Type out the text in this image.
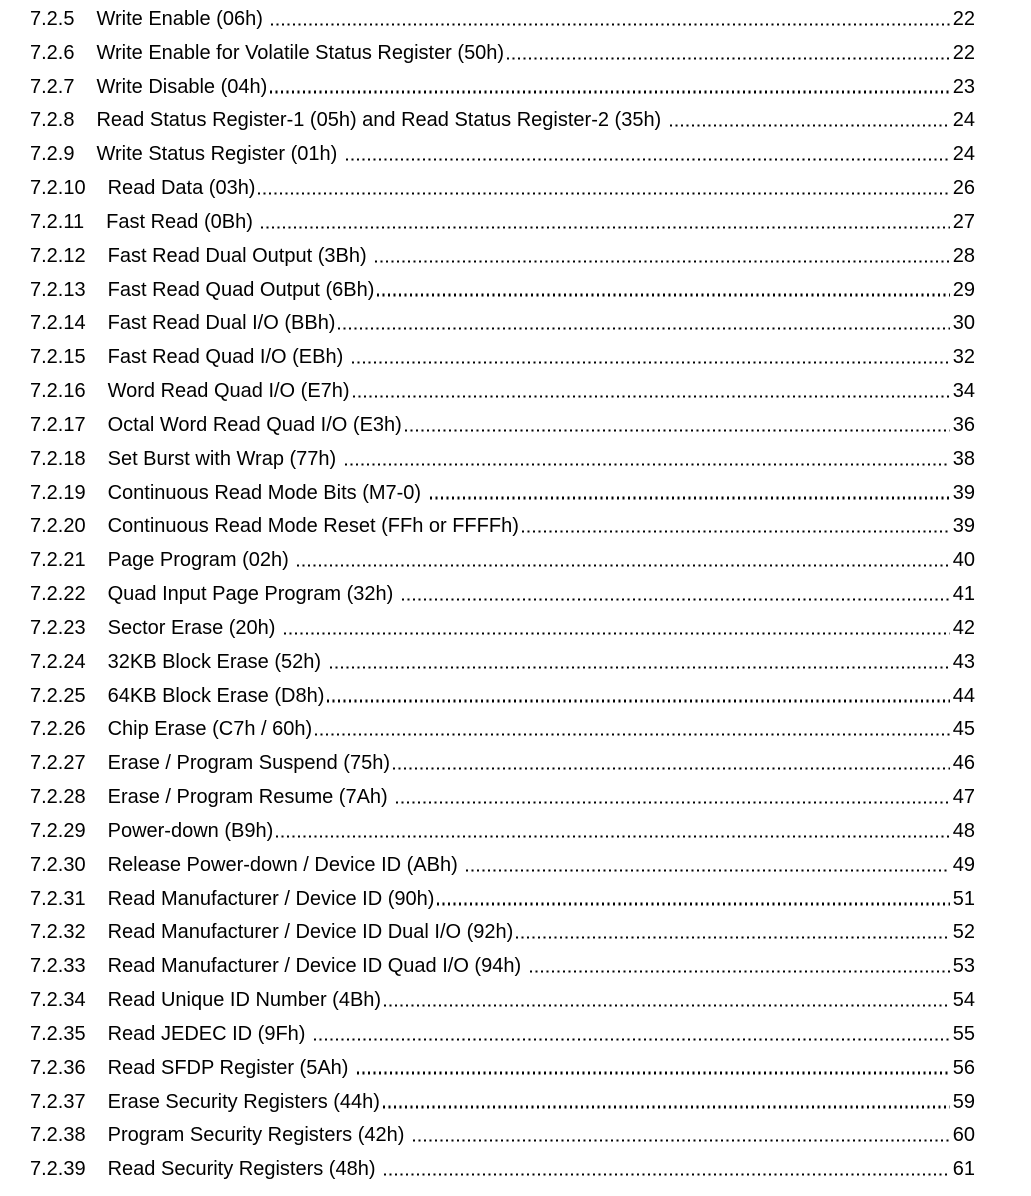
7.2.5 Write Enable (06h)	22
7.2.6 Write Enable for Volatile Status Register (50h)	22
7.2.7 Write Disable (04h)	23
7.2.8 Read Status Register-1 (05h) and Read Status Register-2 (35h)	24
7.2.9 Write Status Register (01h)	24
7.2.10 Read Data (03h)	26
7.2.11 Fast Read (0Bh)	27
7.2.12 Fast Read Dual Output (3Bh)	28
7.2.13 Fast Read Quad Output (6Bh)	29
7.2.14 Fast Read Dual I/O (BBh)	30
7.2.15 Fast Read Quad I/O (EBh)	32
7.2.16 Word Read Quad I/O (E7h)	34
7.2.17 Octal Word Read Quad I/O (E3h)	36
7.2.18 Set Burst with Wrap (77h)	38
7.2.19 Continuous Read Mode Bits (M7-0)	39
7.2.20 Continuous Read Mode Reset (FFh or FFFFh)	39
7.2.21 Page Program (02h)	40
7.2.22 Quad Input Page Program (32h)	41
7.2.23 Sector Erase (20h)	42
7.2.24 32KB Block Erase (52h)	43
7.2.25 64KB Block Erase (D8h)	44
7.2.26 Chip Erase (C7h / 60h)	45
7.2.27 Erase / Program Suspend (75h)	46
7.2.28 Erase / Program Resume (7Ah)	47
7.2.29 Power-down (B9h)	48
7.2.30 Release Power-down / Device ID (ABh)	49
7.2.31 Read Manufacturer / Device ID (90h)	51
7.2.32 Read Manufacturer / Device ID Dual I/O (92h)	52
7.2.33 Read Manufacturer / Device ID Quad I/O (94h)	53
7.2.34 Read Unique ID Number (4Bh)	54
7.2.35 Read JEDEC ID (9Fh)	55
7.2.36 Read SFDP Register (5Ah)	56
7.2.37 Erase Security Registers (44h)	59
7.2.38 Program Security Registers (42h)	60
7.2.39 Read Security Registers (48h)	61
